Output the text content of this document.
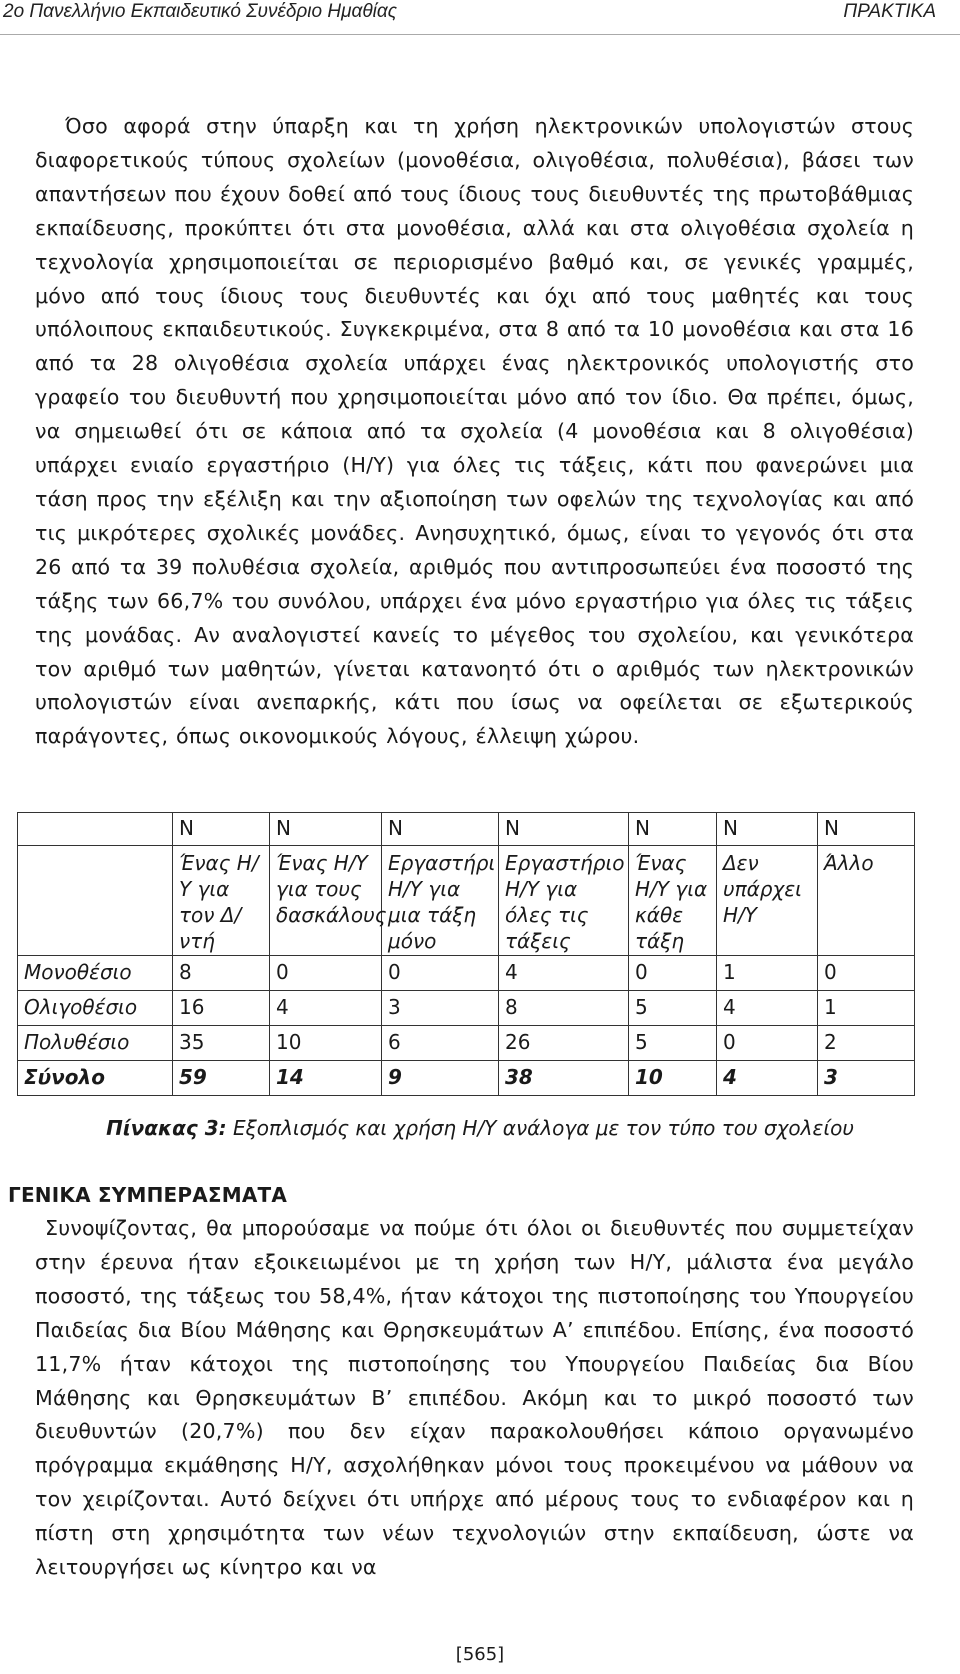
2ο Πανελλήνιο Εκπαιδευτικό Συνέδριο Ημαθίας	ΠΡΑΚΤΙΚΑ
Όσο αφορά στην ύπαρξη και τη χρήση ηλεκτρονικών υπολογιστών στους διαφορετικούς τύπους σχολείων (μονοθέσια, ολιγοθέσια, πολυθέσια), βάσει των απαντήσεων που έχουν δοθεί από τους ίδιους τους διευθυντές της πρωτοβάθμιας εκπαίδευσης, προκύπτει ότι στα μονοθέσια, αλλά και στα ολιγοθέσια σχολεία η τεχνολογία χρησιμοποιείται σε περιορισμένο βαθμό και, σε γενικές γραμμές, μόνο από τους ίδιους τους διευθυντές και όχι από τους μαθητές και τους υπόλοιπους εκπαιδευτικούς. Συγκεκριμένα, στα 8 από τα 10 μονοθέσια και στα 16 από τα 28 ολιγοθέσια σχολεία υπάρχει ένας ηλεκτρονικός υπολογιστής στο γραφείο του διευθυντή που χρησιμοποιείται μόνο από τον ίδιο. Θα πρέπει, όμως, να σημειωθεί ότι σε κάποια από τα σχολεία (4 μονοθέσια και 8 ολιγοθέσια) υπάρχει ενιαίο εργαστήριο (Η/Υ) για όλες τις τάξεις, κάτι που φανερώνει μια τάση προς την εξέλιξη και την αξιοποίηση των οφελών της τεχνολογίας και από τις μικρότερες σχολικές μονάδες. Ανησυχητικό, όμως, είναι το γεγονός ότι στα 26 από τα 39 πολυθέσια σχολεία, αριθμός που αντιπροσωπεύει ένα ποσοστό της τάξης των 66,7% του συνόλου, υπάρχει ένα μόνο εργαστήριο για όλες τις τάξεις της μονάδας. Αν αναλογιστεί κανείς το μέγεθος του σχολείου, και γενικότερα τον αριθμό των μαθητών, γίνεται κατανοητό ότι ο αριθμός των ηλεκτρονικών υπολογιστών είναι ανεπαρκής, κάτι που ίσως να οφείλεται σε εξωτερικούς παράγοντες, όπως οικονομικούς λόγους, έλλειψη χώρου.
	Ν	Ν	Ν	Ν	Ν	Ν	Ν
	Ένας Η/Υ για τον Δ/ντή	Ένας Η/Υ για τους δασκάλους	Εργαστήρι Η/Υ για μια τάξη μόνο	Εργαστήριο Η/Υ για όλες τις τάξεις	Ένας Η/Υ για κάθε τάξη	Δεν υπάρχει Η/Υ	Άλλο
Μονοθέσιο	8	0	0	4	0	1	0
Ολιγοθέσιο	16	4	3	8	5	4	1
Πολυθέσιο	35	10	6	26	5	0	2
Σύνολο	59	14	9	38	10	4	3
Πίνακας 3: Εξοπλισμός και χρήση Η/Υ ανάλογα με τον τύπο του σχολείου
ΓΕΝΙΚΑ ΣΥΜΠΕΡΑΣΜΑΤΑ
Συνοψίζοντας, θα μπορούσαμε να πούμε ότι όλοι οι διευθυντές που συμμετείχαν στην έρευνα ήταν εξοικειωμένοι με τη χρήση των Η/Υ, μάλιστα ένα μεγάλο ποσοστό, της τάξεως του 58,4%, ήταν κάτοχοι της πιστοποίησης του Υπουργείου Παιδείας δια Βίου Μάθησης και Θρησκευμάτων Α’ επιπέδου. Επίσης, ένα ποσοστό 11,7% ήταν κάτοχοι της πιστοποίησης του Υπουργείου Παιδείας δια Βίου Μάθησης και Θρησκευμάτων Β’ επιπέδου. Ακόμη και το μικρό ποσοστό των διευθυντών (20,7%) που δεν είχαν παρακολουθήσει κάποιο οργανωμένο πρόγραμμα εκμάθησης Η/Υ, ασχολήθηκαν μόνοι τους προκειμένου να μάθουν να τον χειρίζονται. Αυτό δείχνει ότι υπήρχε από μέρους τους το ενδιαφέρον και η πίστη στη χρησιμότητα των νέων τεχνολογιών στην εκπαίδευση, ώστε να λειτουργήσει ως κίνητρο και να
[565]
